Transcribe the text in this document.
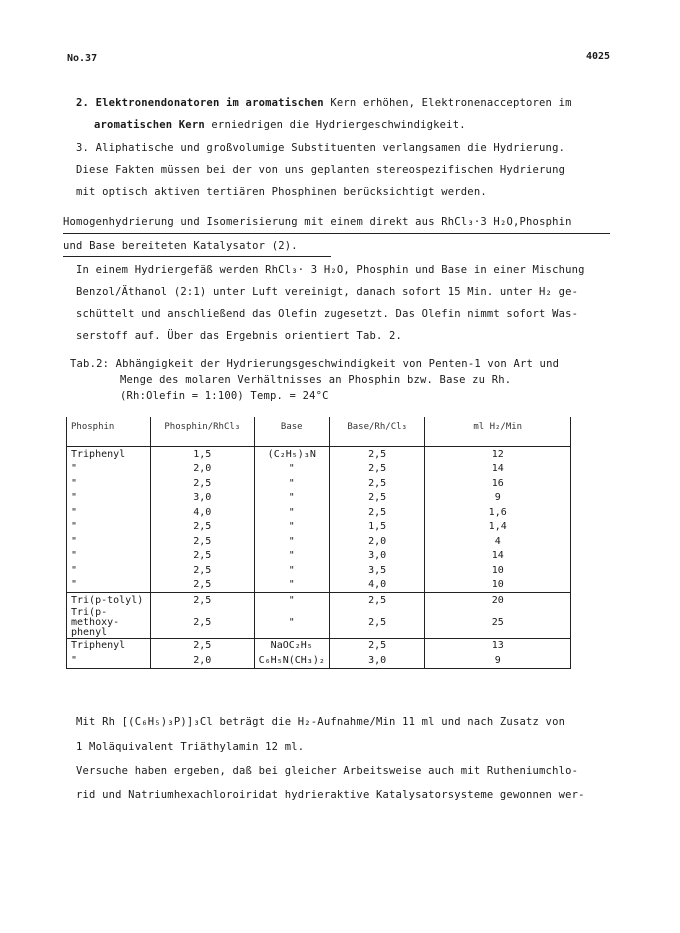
No.37	4025
2. Elektronendonatoren im aromatischen Kern erhöhen, Elektronenacceptoren im
aromatischen Kern erniedrigen die Hydriergeschwindigkeit.
3. Aliphatische und großvolumige Substituenten verlangsamen die Hydrierung.
Diese Fakten müssen bei der von uns geplanten stereospezifischen Hydrierung
mit optisch aktiven tertiären Phosphinen berücksichtigt werden.
Homogenhydrierung und Isomerisierung mit einem direkt aus RhCl₃·3 H₂O,Phosphin
und Base bereiteten Katalysator (2).
In einem Hydriergefäß werden RhCl₃· 3 H₂O, Phosphin und Base in einer Mischung
Benzol/Äthanol (2:1) unter Luft vereinigt, danach sofort 15 Min. unter H₂ ge-
schüttelt und anschließend das Olefin zugesetzt. Das Olefin nimmt sofort Was-
serstoff auf. Über das Ergebnis orientiert Tab. 2.
Tab.2: Abhängigkeit der Hydrierungsgeschwindigkeit von Penten-1 von Art und
Menge des molaren Verhältnisses an Phosphin bzw. Base zu Rh.
(Rh:Olefin = 1:100) Temp. = 24°C
Phosphin	Phosphin/RhCl₃	Base	Base/Rh/Cl₃	ml H₂/Min
Triphenyl	1,5	(C₂H₅)₃N	2,5	12
"	2,0	"	2,5	14
"	2,5	"	2,5	16
"	3,0	"	2,5	9
"	4,0	"	2,5	1,6
"	2,5	"	1,5	1,4
"	2,5	"	2,0	4
"	2,5	"	3,0	14
"	2,5	"	3,5	10
"	2,5	"	4,0	10
Tri(p-tolyl)	2,5	"	2,5	20
Tri(p-methoxy-phenyl	2,5	"	2,5	25
Triphenyl	2,5	NaOC₂H₅	2,5	13
"	2,0	C₆H₅N(CH₃)₂	3,0	9
Mit Rh [(C₆H₅)₃P)]₃Cl beträgt die H₂-Aufnahme/Min 11 ml und nach Zusatz von
1 Moläquivalent Triäthylamin 12 ml.
Versuche haben ergeben, daß bei gleicher Arbeitsweise auch mit Rutheniumchlo-
rid und Natriumhexachloroiridat hydrieraktive Katalysatorsysteme gewonnen wer-
